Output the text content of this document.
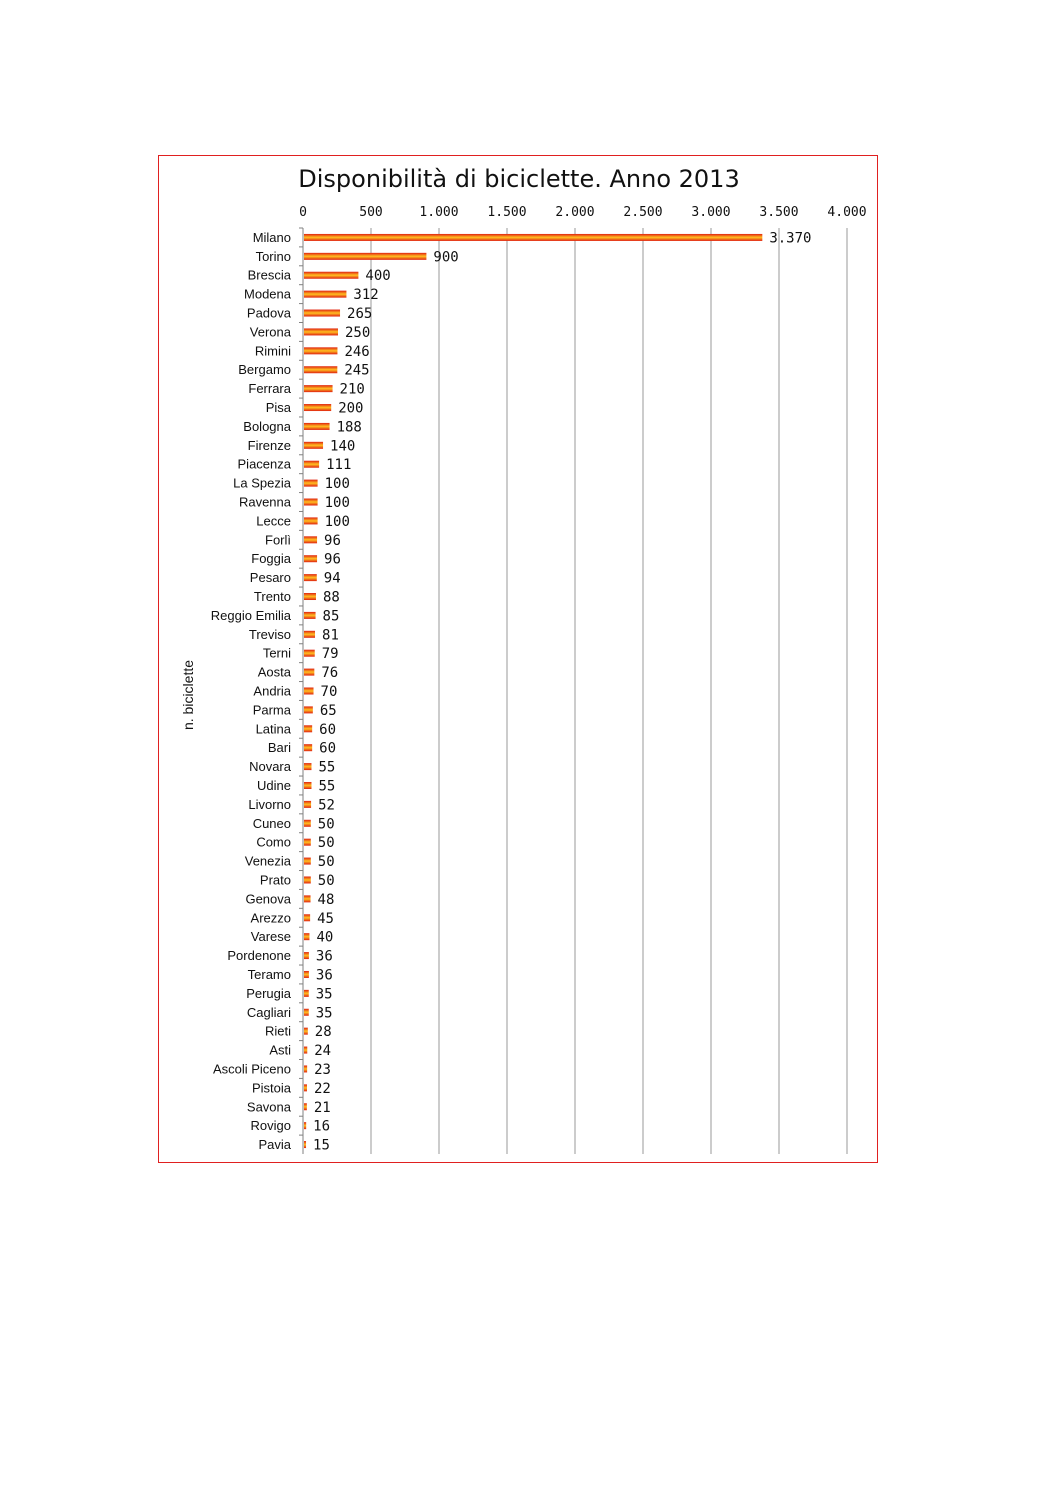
Disponibilità di biciclette. Anno 2013
0	500	1.000 1.500 2.000 2.500 3.000 3.500 4.000
Milano
Torino
Brescia
Modena
Padova
Verona
Rimini
Bergamo
Ferrara
Pisa
Bologna
Firenze
Piacenza
La Spezia
Ravenna
Lecce
Forlì
Foggia
Pesaro
Trento
Reggio Emilia
Treviso
Terni
Aosta
Andria
Parma
Latina
Bari
Novara
Udine
Livorno
Cuneo
Como
Venezia
Prato
Genova
Arezzo
Varese
Pordenone
Teramo
Perugia
Cagliari
Rieti
Asti
Ascoli Piceno
Pistoia
Savona
Rovigo
Pavia
3.370
900
400
312
265
250
246
245
210
200
188
140
111
100
100
100
96
96
94
88
85
81
79
76
70
65
60
60
55
55
52
50
50
50
50
48
45
40
36
36
35
35
28
24
23
22
21
16
15
n. biciclette
